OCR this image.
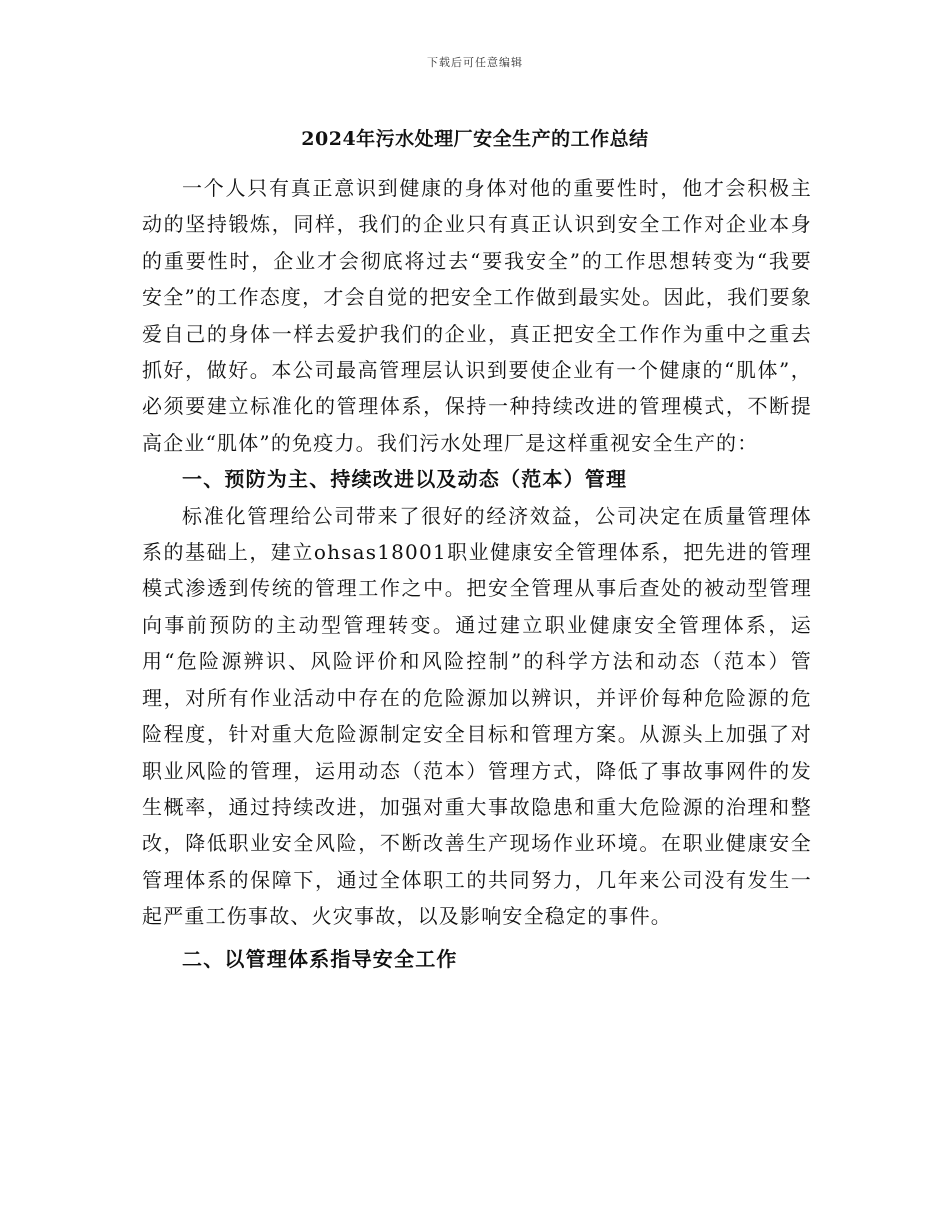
下载后可任意编辑
2024年污水处理厂安全生产的工作总结

一个人只有真正意识到健康的身体对他的重要性时，他才会积极主动的坚持锻炼，同样，我们的企业只有真正认识到安全工作对企业本身的重要性时，企业才会彻底将过去“要我安全”的工作思想转变为“我要安全”的工作态度，才会自觉的把安全工作做到最实处。因此，我们要象爱自己的身体一样去爱护我们的企业，真正把安全工作作为重中之重去抓好，做好。本公司最高管理层认识到要使企业有一个健康的“肌体”，必须要建立标准化的管理体系，保持一种持续改进的管理模式，不断提高企业“肌体”的免疫力。我们污水处理厂是这样重视安全生产的：

一、预防为主、持续改进以及动态（范本）管理

标准化管理给公司带来了很好的经济效益，公司决定在质量管理体系的基础上，建立ohsas18001职业健康安全管理体系，把先进的管理模式渗透到传统的管理工作之中。把安全管理从事后查处的被动型管理向事前预防的主动型管理转变。通过建立职业健康安全管理体系，运用“危险源辨识、风险评价和风险控制”的科学方法和动态（范本）管理，对所有作业活动中存在的危险源加以辨识，并评价每种危险源的危险程度，针对重大危险源制定安全目标和管理方案。从源头上加强了对职业风险的管理，运用动态（范本）管理方式，降低了事故事网件的发生概率，通过持续改进，加强对重大事故隐患和重大危险源的治理和整改，降低职业安全风险，不断改善生产现场作业环境。在职业健康安全管理体系的保障下，通过全体职工的共同努力，几年来公司没有发生一起严重工伤事故、火灾事故，以及影响安全稳定的事件。

二、以管理体系指导安全工作
